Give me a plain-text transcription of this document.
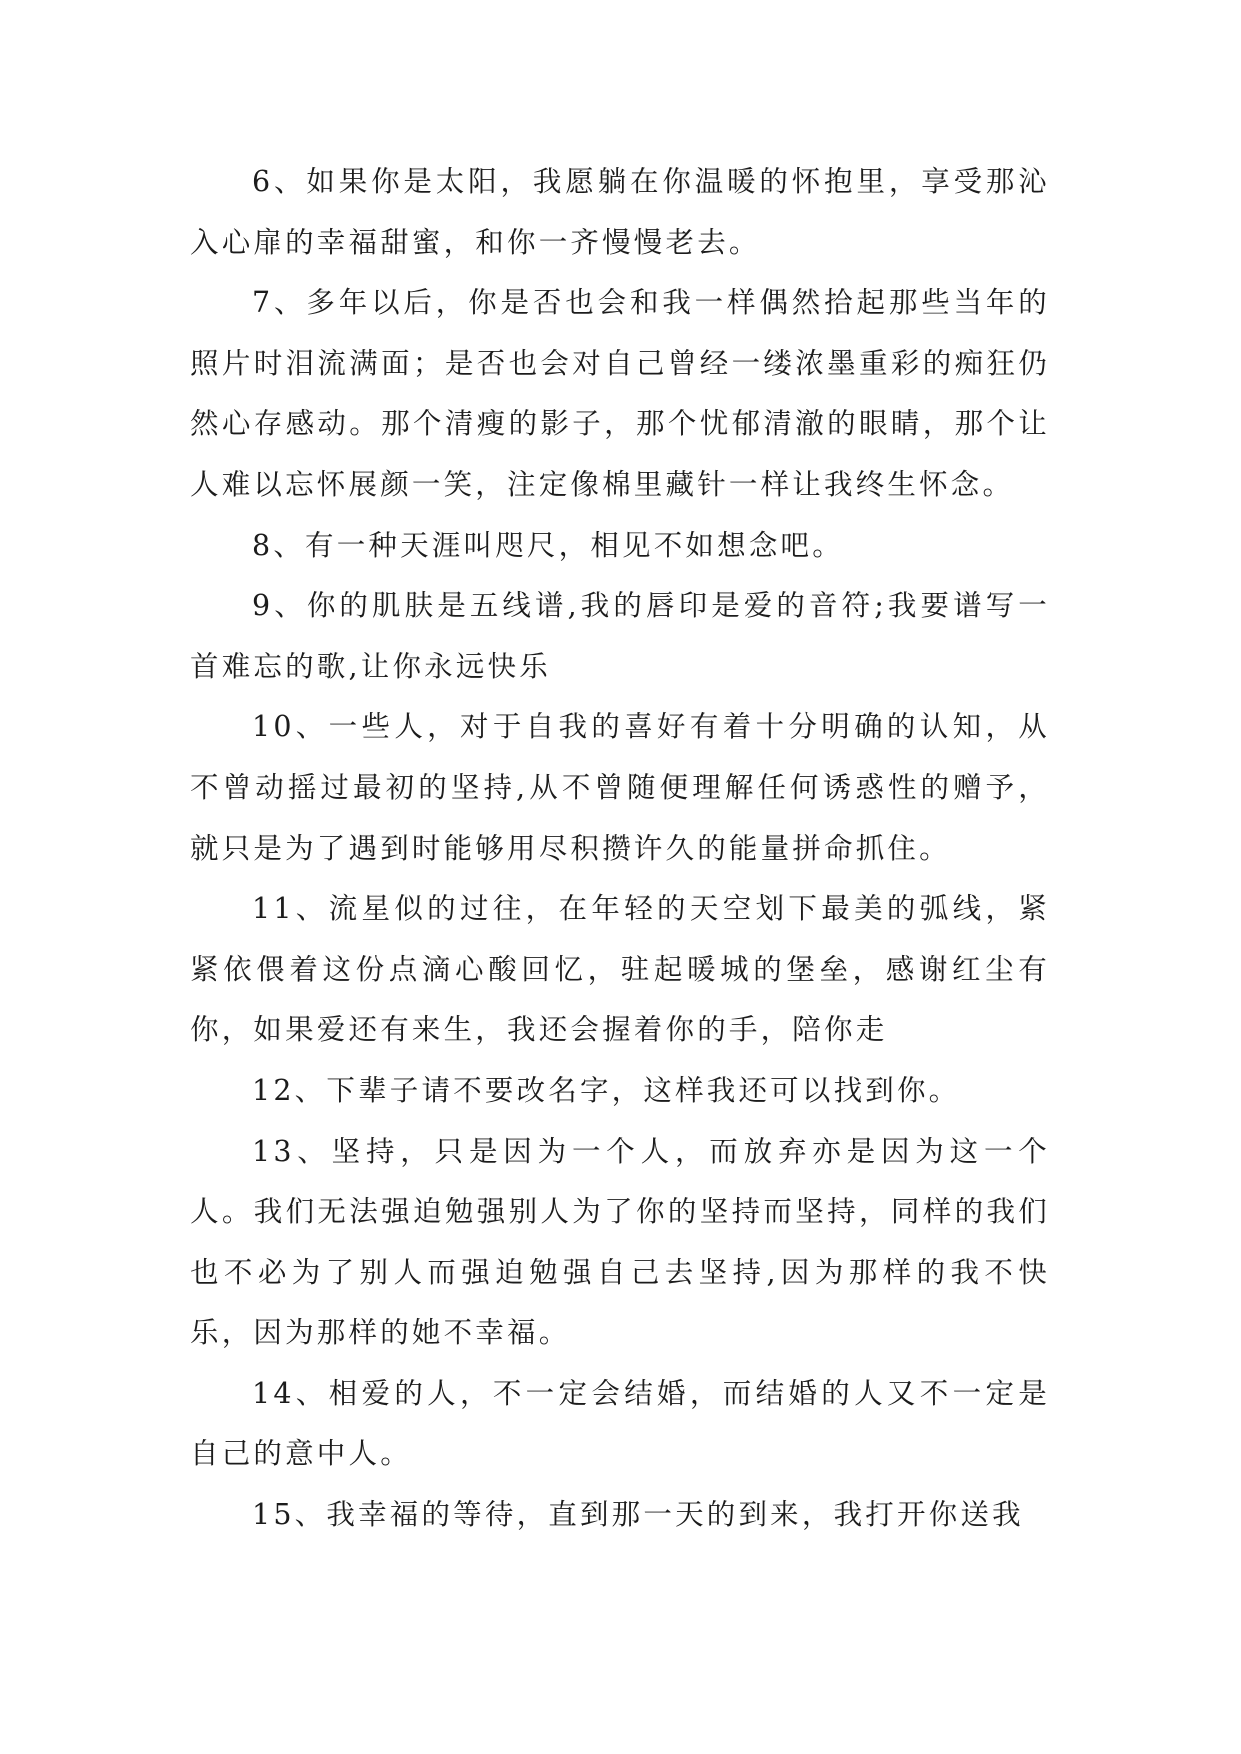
6、如果你是太阳，我愿躺在你温暖的怀抱里，享受那沁入心扉的幸福甜蜜，和你一齐慢慢老去。

7、多年以后，你是否也会和我一样偶然拾起那些当年的照片时泪流满面；是否也会对自己曾经一缕浓墨重彩的痴狂仍然心存感动。那个清瘦的影子，那个忧郁清澈的眼睛，那个让人难以忘怀展颜一笑，注定像棉里藏针一样让我终生怀念。

8、有一种天涯叫咫尺，相见不如想念吧。

9、你的肌肤是五线谱,我的唇印是爱的音符;我要谱写一首难忘的歌,让你永远快乐

10、一些人，对于自我的喜好有着十分明确的认知，从不曾动摇过最初的坚持,从不曾随便理解任何诱惑性的赠予，就只是为了遇到时能够用尽积攒许久的能量拼命抓住。

11、流星似的过往，在年轻的天空划下最美的弧线，紧紧依偎着这份点滴心酸回忆，驻起暖城的堡垒，感谢红尘有你，如果爱还有来生，我还会握着你的手，陪你走

12、下辈子请不要改名字，这样我还可以找到你。

13、坚持，只是因为一个人，而放弃亦是因为这一个人。我们无法强迫勉强别人为了你的坚持而坚持，同样的我们也不必为了别人而强迫勉强自己去坚持,因为那样的我不快乐，因为那样的她不幸福。

14、相爱的人，不一定会结婚，而结婚的人又不一定是自己的意中人。

15、我幸福的等待，直到那一天的到来，我打开你送我
